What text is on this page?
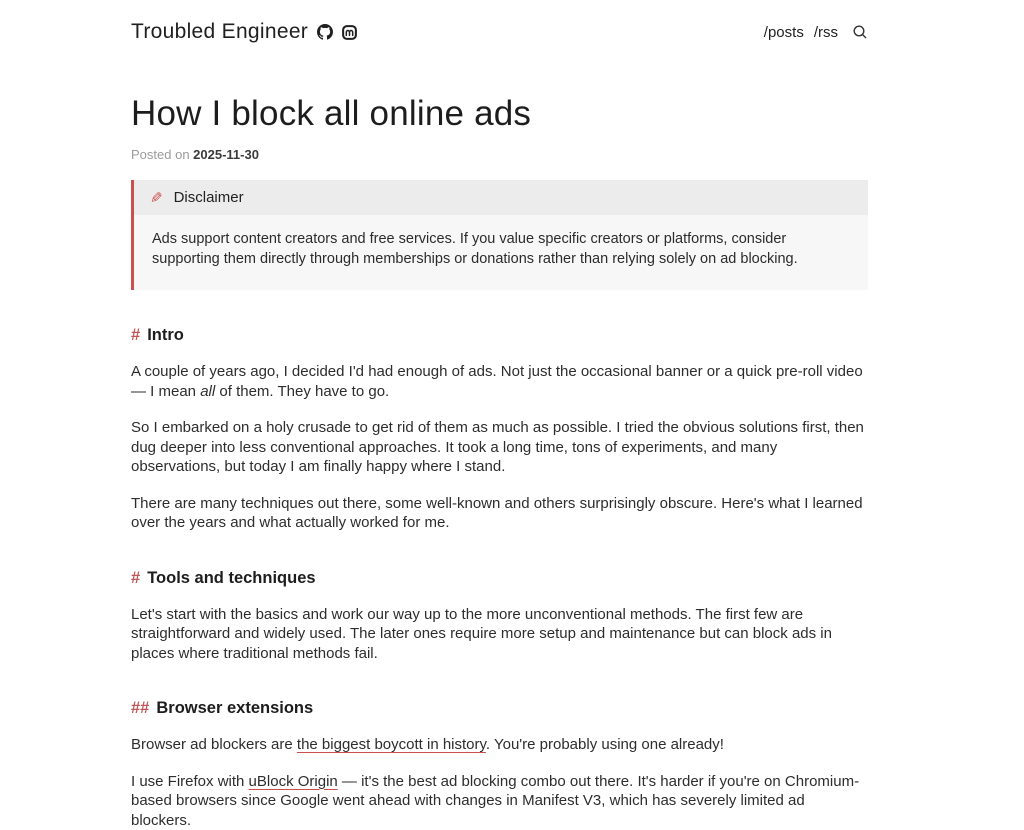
Troubled Engineer	/posts /rss
How I block all online ads
Posted on 2025-11-30
✎ Disclaimer
Ads support content creators and free services. If you value specific creators or platforms, consider supporting them directly through memberships or donations rather than relying solely on ad blocking.
# Intro

A couple of years ago, I decided I'd had enough of ads. Not just the occasional banner or a quick pre-roll video — I mean all of them. They have to go.

So I embarked on a holy crusade to get rid of them as much as possible. I tried the obvious solutions first, then dug deeper into less conventional approaches. It took a long time, tons of experiments, and many observations, but today I am finally happy where I stand.

There are many techniques out there, some well-known and others surprisingly obscure. Here's what I learned over the years and what actually worked for me.

# Tools and techniques

Let's start with the basics and work our way up to the more unconventional methods. The first few are straightforward and widely used. The later ones require more setup and maintenance but can block ads in places where traditional methods fail.

## Browser extensions

Browser ad blockers are the biggest boycott in history. You're probably using one already!

I use Firefox with uBlock Origin — it's the best ad blocking combo out there. It's harder if you're on Chromium-based browsers since Google went ahead with changes in Manifest V3, which has severely limited ad blockers.
